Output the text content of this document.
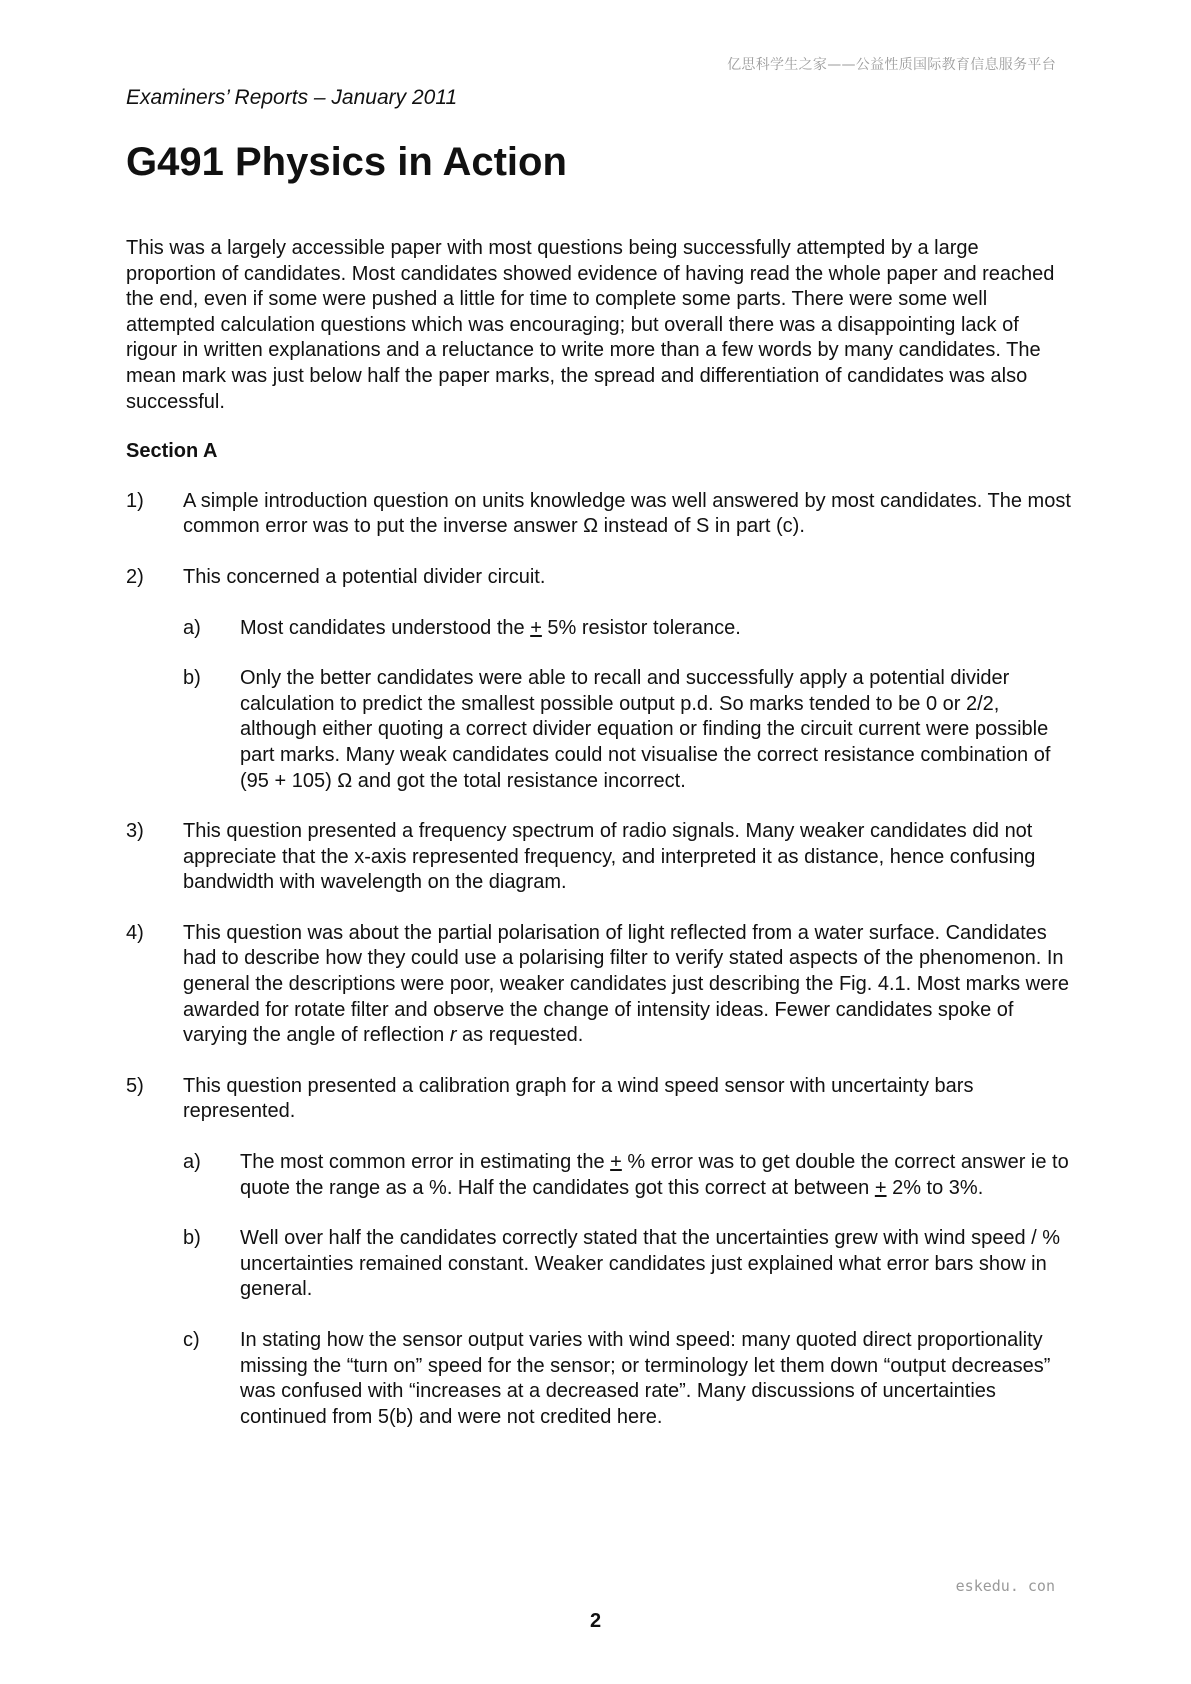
亿思科学生之家——公益性质国际教育信息服务平台
Examiners’ Reports – January 2011
G491 Physics in Action

This was a largely accessible paper with most questions being successfully attempted by a large proportion of candidates. Most candidates showed evidence of having read the whole paper and reached the end, even if some were pushed a little for time to complete some parts. There were some well attempted calculation questions which was encouraging; but overall there was a disappointing lack of rigour in written explanations and a reluctance to write more than a few words by many candidates. The mean mark was just below half the paper marks, the spread and differentiation of candidates was also successful.

Section A
1)	A simple introduction question on units knowledge was well answered by most candidates. The most common error was to put the inverse answer Ω instead of S in part (c).

2)	This concerned a potential divider circuit.

a)	Most candidates understood the + 5% resistor tolerance.
b)	Only the better candidates were able to recall and successfully apply a potential divider calculation to predict the smallest possible output p.d. So marks tended to be 0 or 2/2, although either quoting a correct divider equation or finding the circuit current were possible part marks. Many weak candidates could not visualise the correct resistance combination of (95 + 105) Ω and got the total resistance incorrect.
3)	This question presented a frequency spectrum of radio signals. Many weaker candidates did not appreciate that the x-axis represented frequency, and interpreted it as distance, hence confusing bandwidth with wavelength on the diagram.

4)	This question was about the partial polarisation of light reflected from a water surface. Candidates had to describe how they could use a polarising filter to verify stated aspects of the phenomenon. In general the descriptions were poor, weaker candidates just describing the Fig. 4.1. Most marks were awarded for rotate filter and observe the change of intensity ideas. Fewer candidates spoke of varying the angle of reflection r as requested.

5)	This question presented a calibration graph for a wind speed sensor with uncertainty bars represented.

a)	The most common error in estimating the + % error was to get double the correct answer ie to quote the range as a %. Half the candidates got this correct at between + 2% to 3%.
b)	Well over half the candidates correctly stated that the uncertainties grew with wind speed / % uncertainties remained constant. Weaker candidates just explained what error bars show in general.
c)	In stating how the sensor output varies with wind speed: many quoted direct proportionality missing the “turn on” speed for the sensor; or terminology let them down “output decreases” was confused with “increases at a decreased rate”. Many discussions of uncertainties continued from 5(b) and were not credited here.
eskedu. con
2
